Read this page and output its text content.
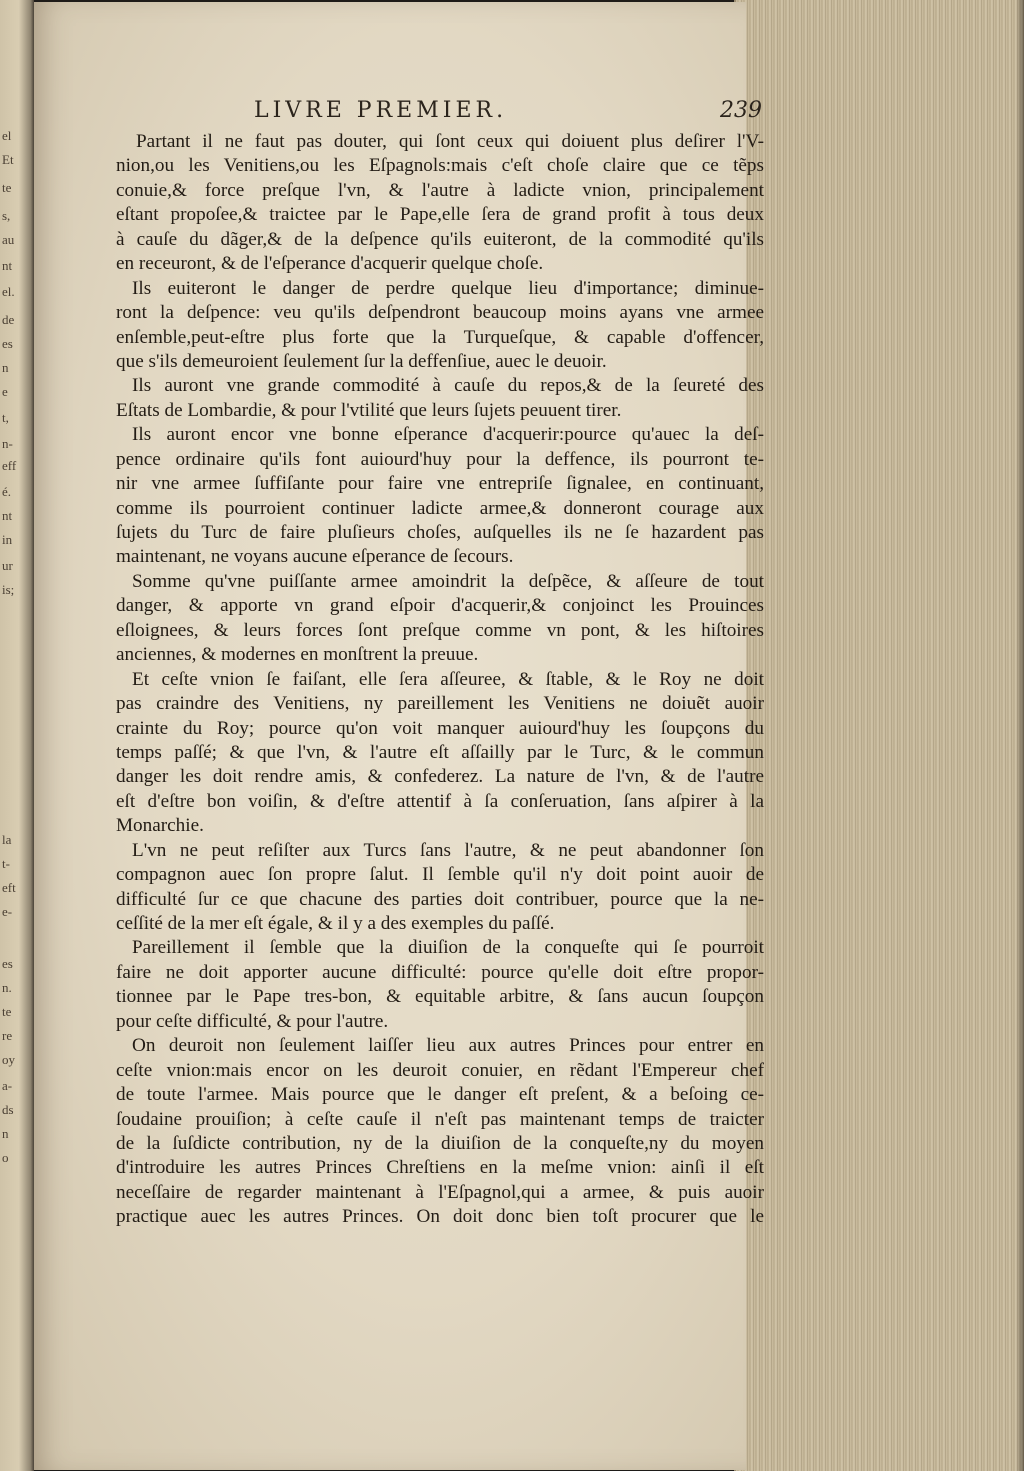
el
Et
te
s,
au
nt
el.
de
es
n
e
t,
n-
eff
é.
nt
in
ur
is;
la
t-
eft
e-
es
n.
te
re
oy
a-
ds
n
o
LIVRE PREMIER.	239
Partant il ne faut pas douter, qui ſont ceux qui doiuent plus deſirer l'V-
nion,ou les Venitiens,ou les Eſpagnols:mais c'eſt choſe claire que ce tẽps
conuie,& force preſque l'vn, & l'autre à ladicte vnion, principalement
eſtant propoſee,& traictee par le Pape,elle ſera de grand profit à tous deux
à cauſe du dãger,& de la deſpence qu'ils euiteront, de la commodité qu'ils
en receuront, & de l'eſperance d'acquerir quelque choſe.
Ils euiteront le danger de perdre quelque lieu d'importance; diminue-
ront la deſpence: veu qu'ils deſpendront beaucoup moins ayans vne armee
enſemble,peut-eſtre plus forte que la Turqueſque, & capable d'offencer,
que s'ils demeuroient ſeulement ſur la deffenſiue, auec le deuoir.
Ils auront vne grande commodité à cauſe du repos,& de la ſeureté des
Eſtats de Lombardie, & pour l'vtilité que leurs ſujets peuuent tirer.
Ils auront encor vne bonne eſperance d'acquerir:pource qu'auec la deſ-
pence ordinaire qu'ils font auiourd'huy pour la deffence, ils pourront te-
nir vne armee ſuffiſante pour faire vne entrepriſe ſignalee, en continuant,
comme ils pourroient continuer ladicte armee,& donneront courage aux
ſujets du Turc de faire pluſieurs choſes, auſquelles ils ne ſe hazardent pas
maintenant, ne voyans aucune eſperance de ſecours.
Somme qu'vne puiſſante armee amoindrit la deſpẽce, & aſſeure de tout
danger, & apporte vn grand eſpoir d'acquerir,& conjoinct les Prouinces
eſloignees, & leurs forces ſont preſque comme vn pont, & les hiſtoires
anciennes, & modernes en monſtrent la preuue.
Et ceſte vnion ſe faiſant, elle ſera aſſeuree, & ſtable, & le Roy ne doit
pas craindre des Venitiens, ny pareillement les Venitiens ne doiuẽt auoir
crainte du Roy; pource qu'on voit manquer auiourd'huy les ſoupçons du
temps paſſé; & que l'vn, & l'autre eſt aſſailly par le Turc, & le commun
danger les doit rendre amis, & confederez. La nature de l'vn, & de l'autre
eſt d'eſtre bon voiſin, & d'eſtre attentif à ſa conſeruation, ſans aſpirer à la
Monarchie.
L'vn ne peut reſiſter aux Turcs ſans l'autre, & ne peut abandonner ſon
compagnon auec ſon propre ſalut. Il ſemble qu'il n'y doit point auoir de
difficulté ſur ce que chacune des parties doit contribuer, pource que la ne-
ceſſité de la mer eſt égale, & il y a des exemples du paſſé.
Pareillement il ſemble que la diuiſion de la conqueſte qui ſe pourroit
faire ne doit apporter aucune difficulté: pource qu'elle doit eſtre propor-
tionnee par le Pape tres-bon, & equitable arbitre, & ſans aucun ſoupçon
pour ceſte difficulté, & pour l'autre.
On deuroit non ſeulement laiſſer lieu aux autres Princes pour entrer en
ceſte vnion:mais encor on les deuroit conuier, en rẽdant l'Empereur chef
de toute l'armee. Mais pource que le danger eſt preſent, & a beſoing ce-
ſoudaine prouiſion; à ceſte cauſe il n'eſt pas maintenant temps de traicter
de la ſuſdicte contribution, ny de la diuiſion de la conqueſte,ny du moyen
d'introduire les autres Princes Chreſtiens en la meſme vnion: ainſi il eſt
neceſſaire de regarder maintenant à l'Eſpagnol,qui a armee, & puis auoir
practique auec les autres Princes. On doit donc bien toſt procurer que le
